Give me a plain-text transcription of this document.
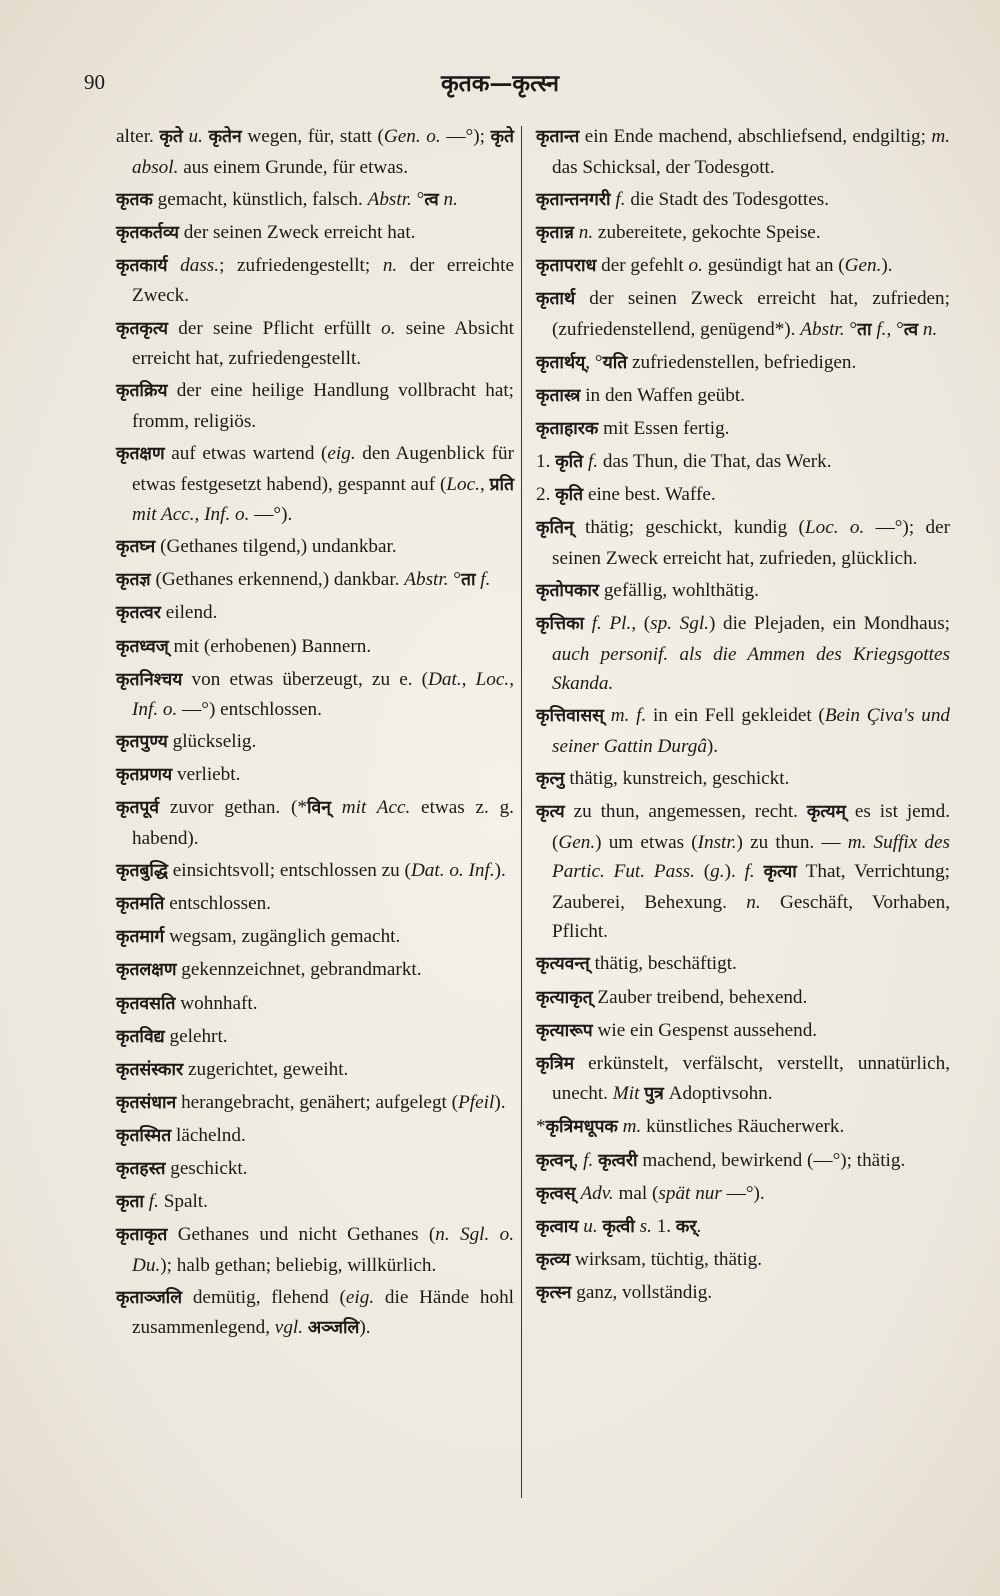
90	कृतक—कृत्स्न

alter. कृते u. कृतेन wegen, für, statt (Gen. o. —°); कृते absol. aus einem Grunde, für etwas.

कृतक gemacht, künstlich, falsch. Abstr. °त्व n.

कृतकर्तव्य der seinen Zweck erreicht hat.

कृतकार्य dass.; zufriedengestellt; n. der erreichte Zweck.

कृतकृत्य der seine Pflicht erfüllt o. seine Absicht erreicht hat, zufriedengestellt.

कृतक्रिय der eine heilige Handlung vollbracht hat; fromm, religiös.

कृतक्षण auf etwas wartend (eig. den Augenblick für etwas festgesetzt habend), gespannt auf (Loc., प्रति mit Acc., Inf. o. —°).

कृतघ्न (Gethanes tilgend,) undankbar.

कृतज्ञ (Gethanes erkennend,) dankbar. Abstr. °ता f.

कृतत्वर eilend.

कृतध्वज् mit (erhobenen) Bannern.

कृतनिश्चय von etwas überzeugt, zu e. (Dat., Loc., Inf. o. —°) entschlossen.

कृतपुण्य glückselig.

कृतप्रणय verliebt.

कृतपूर्व zuvor gethan. (*विन् mit Acc. etwas z. g. habend).

कृतबुद्धि einsichtsvoll; entschlossen zu (Dat. o. Inf.).

कृतमति entschlossen.

कृतमार्ग wegsam, zugänglich gemacht.

कृतलक्षण gekennzeichnet, gebrandmarkt.

कृतवसति wohnhaft.

कृतविद्य gelehrt.

कृतसंस्कार zugerichtet, geweiht.

कृतसंधान herangebracht, genähert; aufgelegt (Pfeil).

कृतस्मित lächelnd.

कृतहस्त geschickt.

कृता f. Spalt.

कृताकृत Gethanes und nicht Gethanes (n. Sgl. o. Du.); halb gethan; beliebig, willkürlich.

कृताञ्जलि demütig, flehend (eig. die Hände hohl zusammenlegend, vgl. अञ्जलि).

कृतान्त ein Ende machend, abschliefsend, endgiltig; m. das Schicksal, der Todesgott.

कृतान्तनगरी f. die Stadt des Todesgottes.

कृतान्न n. zubereitete, gekochte Speise.

कृतापराध der gefehlt o. gesündigt hat an (Gen.).

कृतार्थ der seinen Zweck erreicht hat, zufrieden; (zufriedenstellend, genügend*). Abstr. °ता f., °त्व n.

कृतार्थय्, °यति zufriedenstellen, befriedigen.

कृतास्त्र in den Waffen geübt.

कृताहारक mit Essen fertig.

1. कृति f. das Thun, die That, das Werk.

2. कृति eine best. Waffe.

कृतिन् thätig; geschickt, kundig (Loc. o. —°); der seinen Zweck erreicht hat, zufrieden, glücklich.

कृतोपकार gefällig, wohlthätig.

कृत्तिका f. Pl., (sp. Sgl.) die Plejaden, ein Mondhaus; auch personif. als die Ammen des Kriegsgottes Skanda.

कृत्तिवासस् m. f. in ein Fell gekleidet (Bein Çiva's und seiner Gattin Durgâ).

कृत्नु thätig, kunstreich, geschickt.

कृत्य zu thun, angemessen, recht. कृत्यम् es ist jemd. (Gen.) um etwas (Instr.) zu thun. — m. Suffix des Partic. Fut. Pass. (g.). f. कृत्या That, Verrichtung; Zauberei, Behexung. n. Geschäft, Vorhaben, Pflicht.

कृत्यवन्त् thätig, beschäftigt.

कृत्याकृत् Zauber treibend, behexend.

कृत्यारूप wie ein Gespenst aussehend.

कृत्रिम erkünstelt, verfälscht, verstellt, unnatürlich, unecht. Mit पुत्र Adoptivsohn.

*कृत्रिमधूपक m. künstliches Räucherwerk.

कृत्वन्, f. कृत्वरी machend, bewirkend (—°); thätig.

कृत्वस् Adv. mal (spät nur —°).

कृत्वाय u. कृत्वी s. 1. कर्.

कृत्व्य wirksam, tüchtig, thätig.

कृत्स्न ganz, vollständig.
